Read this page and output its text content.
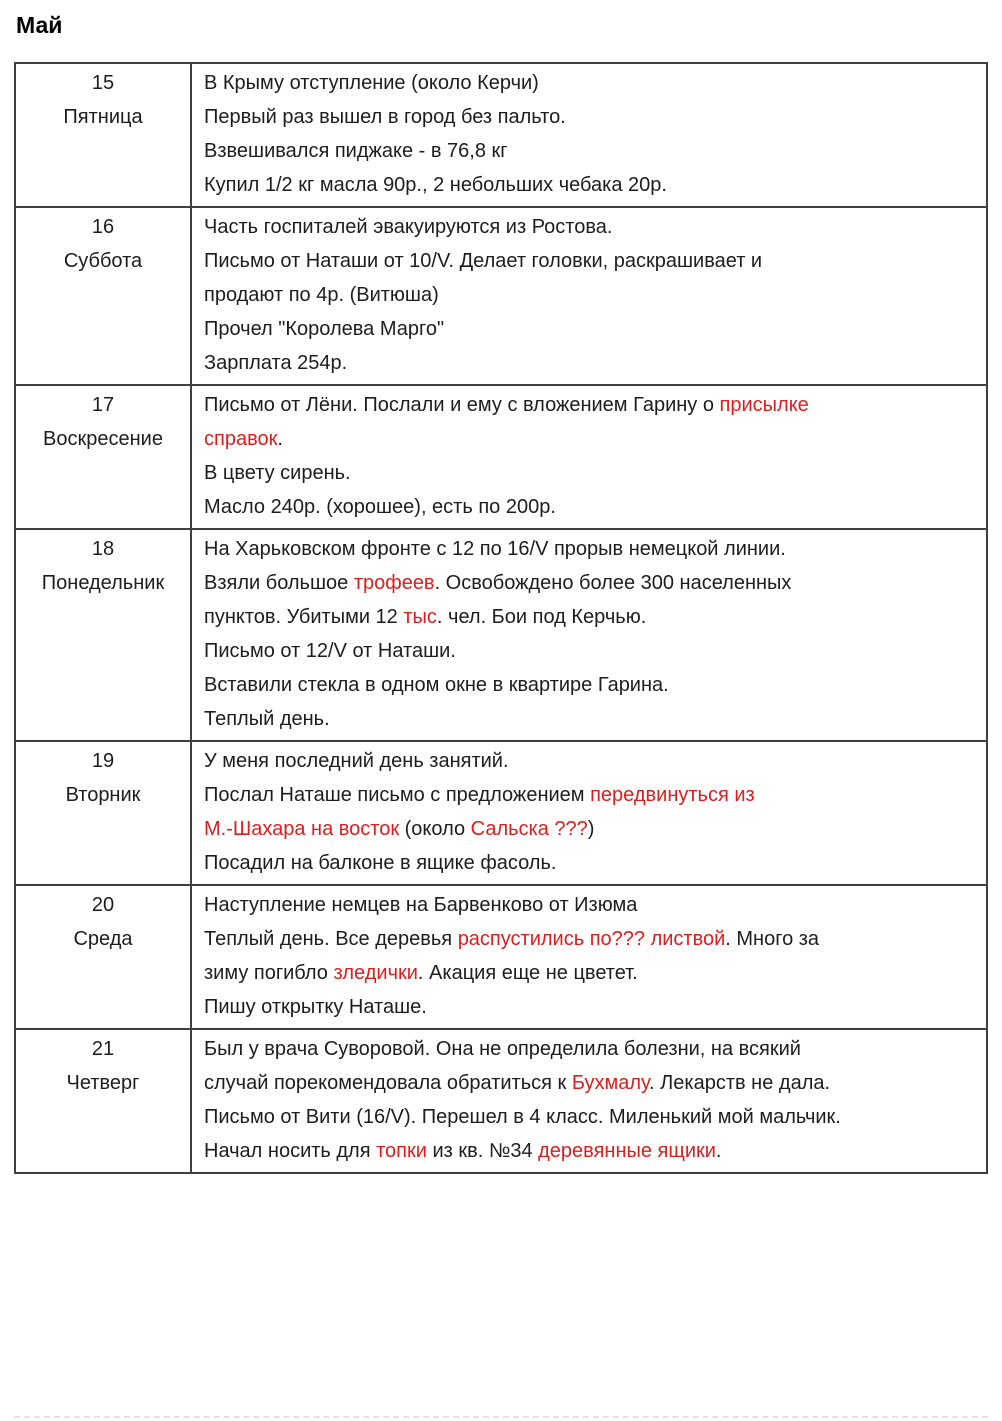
Май
15
Пятница
В Крыму отступление (около Керчи)
Первый раз вышел в город без пальто.
Взвешивался пиджаке - в 76,8 кг
Купил 1/2 кг масла 90р., 2 небольших чебака 20р.
16
Суббота
Часть госпиталей эвакуируются из Ростова.
Письмо от Наташи от 10/V. Делает головки, раскрашивает и
продают по 4р. (Витюша)
Прочел "Королева Марго"
Зарплата 254р.
17
Воскресение
Письмо от Лёни. Послали и ему с вложением Гарину о присылке
справок.
В цвету сирень.
Масло 240р. (хорошее), есть по 200р.
18
Понедельник
На Харьковском фронте с 12 по 16/V прорыв немецкой линии.
Взяли большое трофеев. Освобождено более 300 населенных
пунктов. Убитыми 12 тыс. чел. Бои под Керчью.
Письмо от 12/V от Наташи.
Вставили стекла в одном окне в квартире Гарина.
Теплый день.
19
Вторник
У меня последний день занятий.
Послал Наташе письмо с предложением передвинуться из
М.-Шахара на восток (около Сальска ???)
Посадил на балконе в ящике фасоль.
20
Среда
Наступление немцев на Барвенково от Изюма
Теплый день. Все деревья распустились по??? листвой. Много за
зиму погибло зледички. Акация еще не цветет.
Пишу открытку Наташе.
21
Четверг
Был у врача Суворовой. Она не определила болезни, на всякий
случай порекомендовала обратиться к Бухмалу. Лекарств не дала.
Письмо от Вити (16/V). Перешел в 4 класс. Миленький мой мальчик.
Начал носить для топки из кв. №34 деревянные ящики.
